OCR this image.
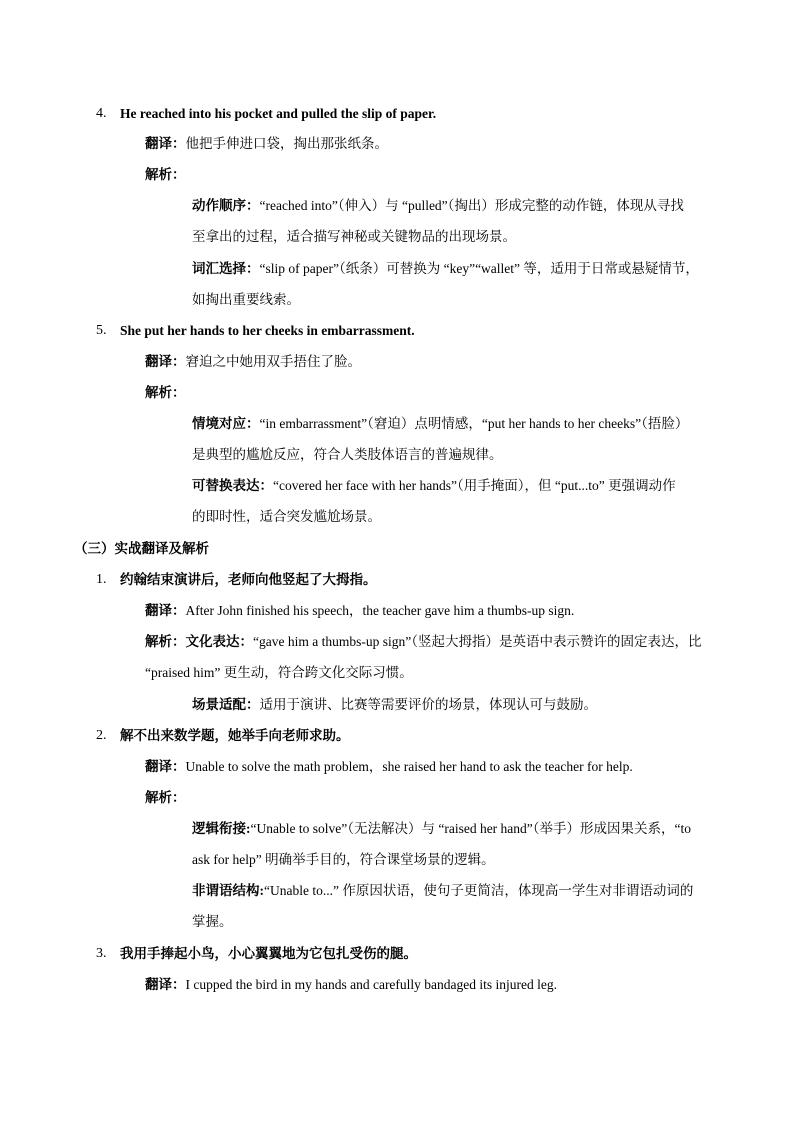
4. He reached into his pocket and pulled the slip of paper.
翻译：他把手伸进口袋，掏出那张纸条。
解析：
动作顺序：“reached into”（伸入）与 “pulled”（掏出）形成完整的动作链，体现从寻找
至拿出的过程，适合描写神秘或关键物品的出现场景。
词汇选择：“slip of paper”（纸条）可替换为 “key”“wallet” 等，适用于日常或悬疑情节，
如掏出重要线索。
5. She put her hands to her cheeks in embarrassment.
翻译：窘迫之中她用双手捂住了脸。
解析：
情境对应：“in embarrassment”（窘迫）点明情感，“put her hands to her cheeks”（捂脸）
是典型的尴尬反应，符合人类肢体语言的普遍规律。
可替换表达：“covered her face with her hands”（用手掩面），但 “put...to” 更强调动作
的即时性，适合突发尴尬场景。
（三）实战翻译及解析
1. 约翰结束演讲后，老师向他竖起了大拇指。
翻译：After John finished his speech，the teacher gave him a thumbs-up sign.
解析：文化表达：“gave him a thumbs-up sign”（竖起大拇指）是英语中表示赞许的固定表达，比
“praised him” 更生动，符合跨文化交际习惯。
场景适配：适用于演讲、比赛等需要评价的场景，体现认可与鼓励。
2. 解不出来数学题，她举手向老师求助。
翻译：Unable to solve the math problem，she raised her hand to ask the teacher for help.
解析：
逻辑衔接:“Unable to solve”（无法解决）与 “raised her hand”（举手）形成因果关系，“to
ask for help” 明确举手目的，符合课堂场景的逻辑。
非谓语结构:“Unable to...” 作原因状语，使句子更简洁，体现高一学生对非谓语动词的
掌握。
3. 我用手捧起小鸟，小心翼翼地为它包扎受伤的腿。
翻译：I cupped the bird in my hands and carefully bandaged its injured leg.
